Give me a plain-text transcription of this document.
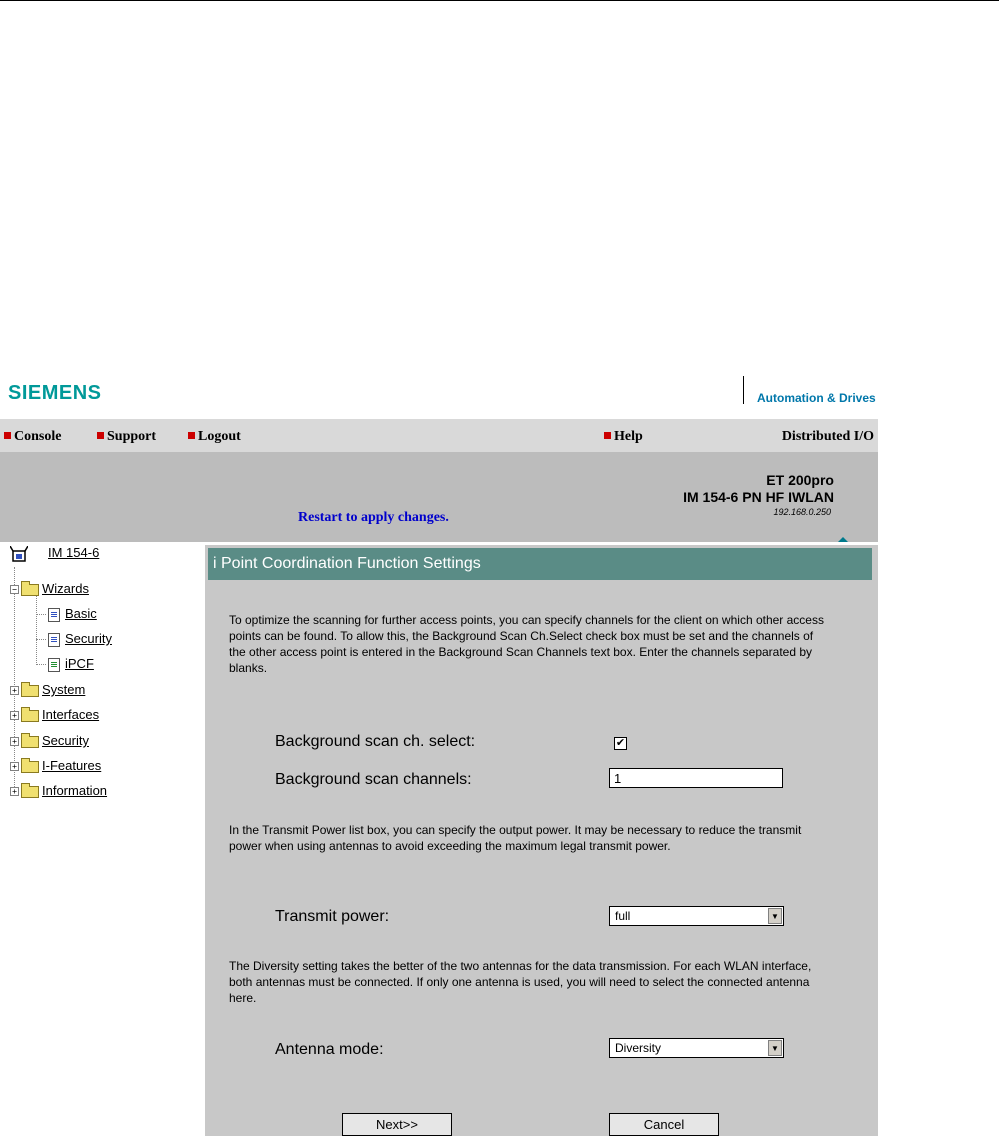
SIEMENS	Automation & Drives
Console	Support	Logout	Help	Distributed I/O
Restart to apply changes.
ET 200pro
IM 154-6 PN HF IWLAN
192.168.0.250
IM 154-6
− Wizards
Basic
Security
iPCF
+ System
+ Interfaces
+ Security
+ I-Features
+ Information
i Point Coordination Function Settings
To optimize the scanning for further access points, you can specify channels for the client on which other access points can be found. To allow this, the Background Scan Ch.Select check box must be set and the channels of the other access point is entered in the Background Scan Channels text box. Enter the channels separated by blanks.
Background scan ch. select:	✔
Background scan channels:
1
In the Transmit Power list box, you can specify the output power. It may be necessary to reduce the transmit power when using antennas to avoid exceeding the maximum legal transmit power.
Transmit power:	full	▼
The Diversity setting takes the better of the two antennas for the data transmission. For each WLAN interface, both antennas must be connected. If only one antenna is used, you will need to select the connected antenna here.
Antenna mode:	Diversity	▼
Next>>	Cancel
